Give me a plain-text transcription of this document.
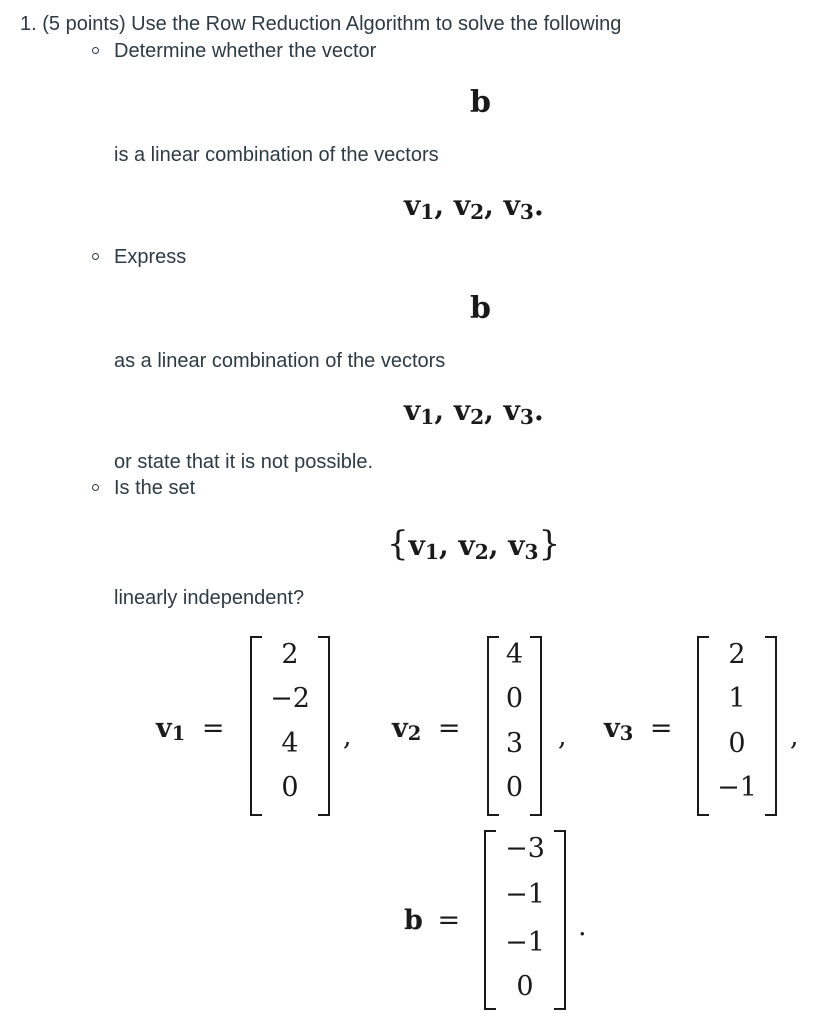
1. (5 points) Use the Row Reduction Algorithm to solve the following
Determine whether the vector
b
is a linear combination of the vectors
v1, v2, v3.
Express
b
as a linear combination of the vectors
v1, v2, v3.
or state that it is not possible.
Is the set
{v1, v2, v3}
linearly independent?
v1 =
2
−2
4
0
, v2 =
4
0
3
0
, v3 =
2
1
0
−1
,
b =
−3
−1
−1
0
.
